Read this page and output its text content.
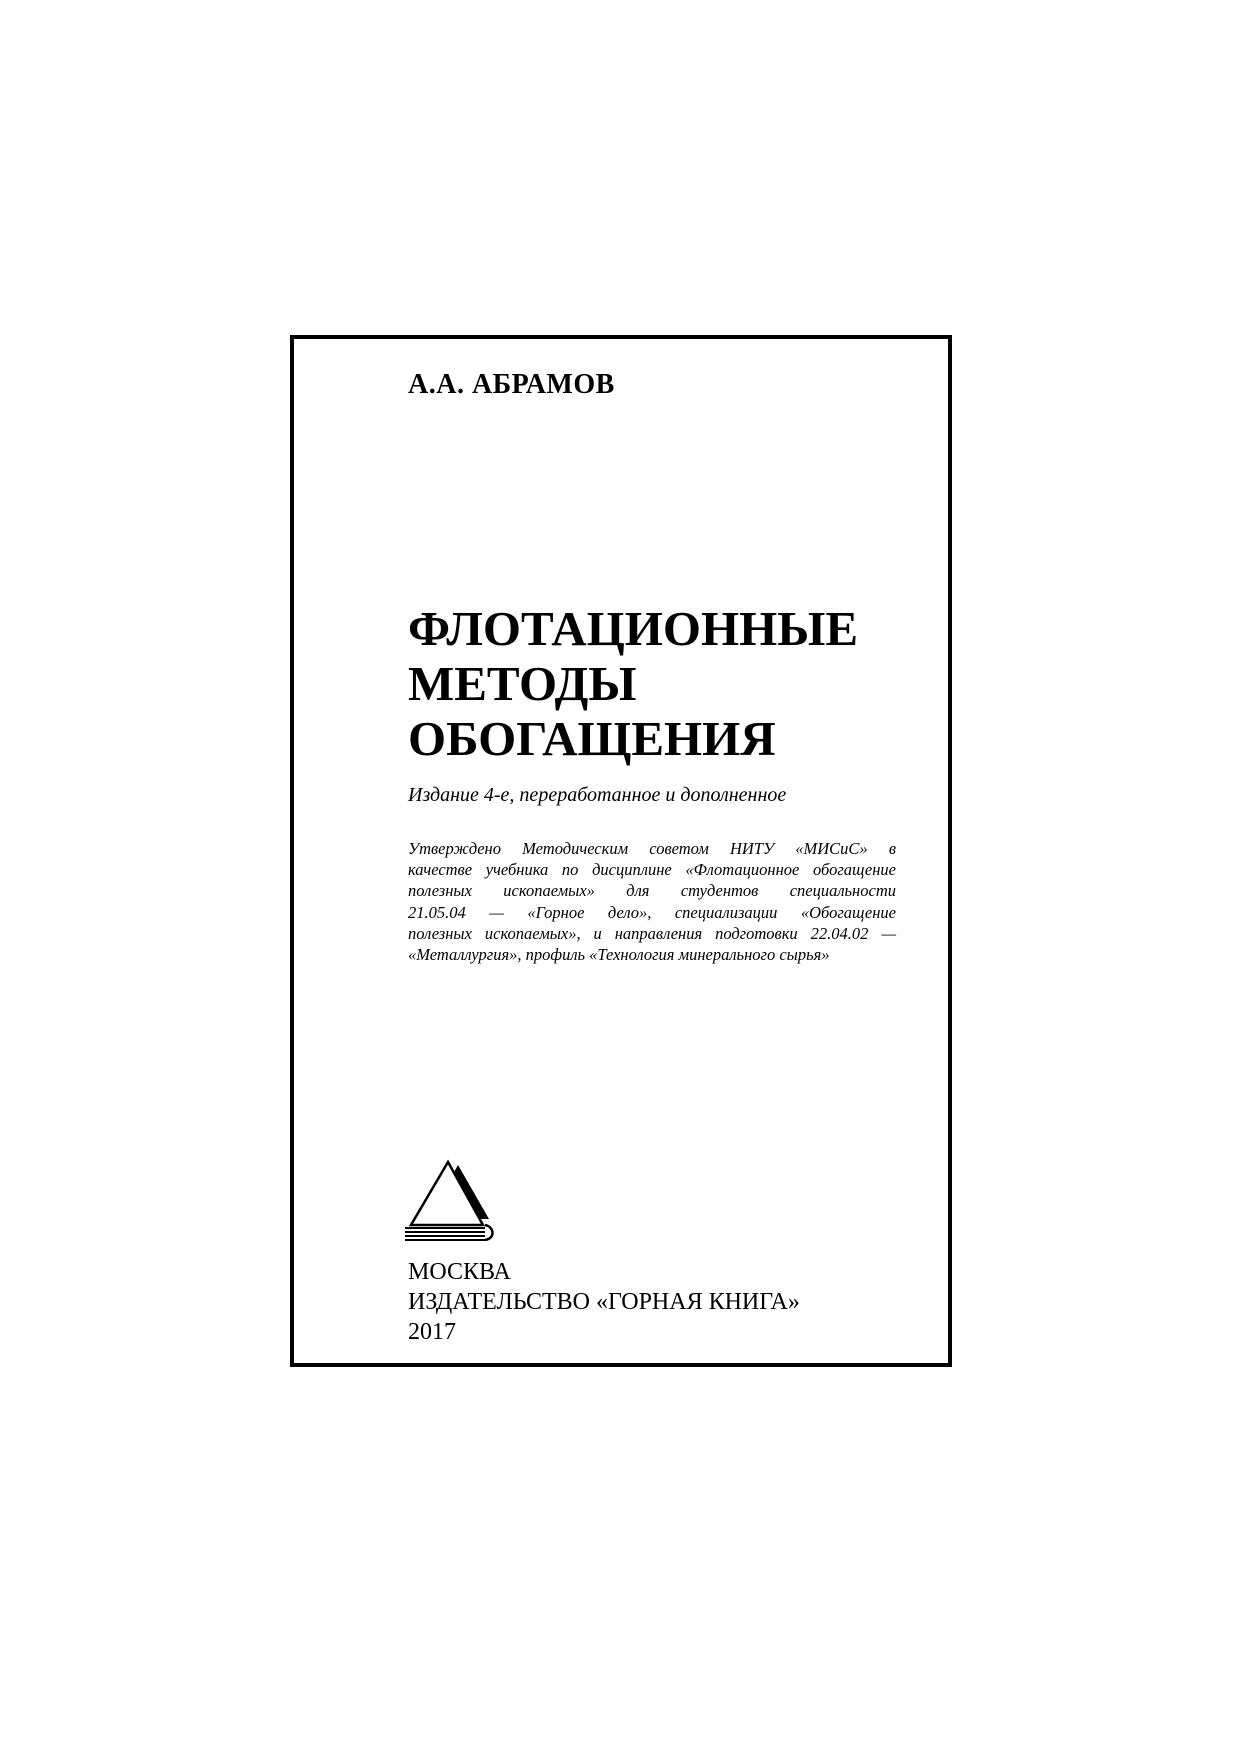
А.А. АБРАМОВ
ФЛОТАЦИОННЫЕ
МЕТОДЫ
ОБОГАЩЕНИЯ
Издание 4-е, переработанное и дополненное
Утверждено Методическим советом НИТУ «МИСиС» в
качестве учебника по дисциплине «Флотационное обогащение
полезных ископаемых» для студентов специальности
21.05.04 — «Горное дело», специализации «Обогащение
полезных ископаемых», и направления подготовки 22.04.02 —
«Металлургия», профиль «Технология минерального сырья»
МОСКВА
ИЗДАТЕЛЬСТВО «ГОРНАЯ КНИГА»
2017
